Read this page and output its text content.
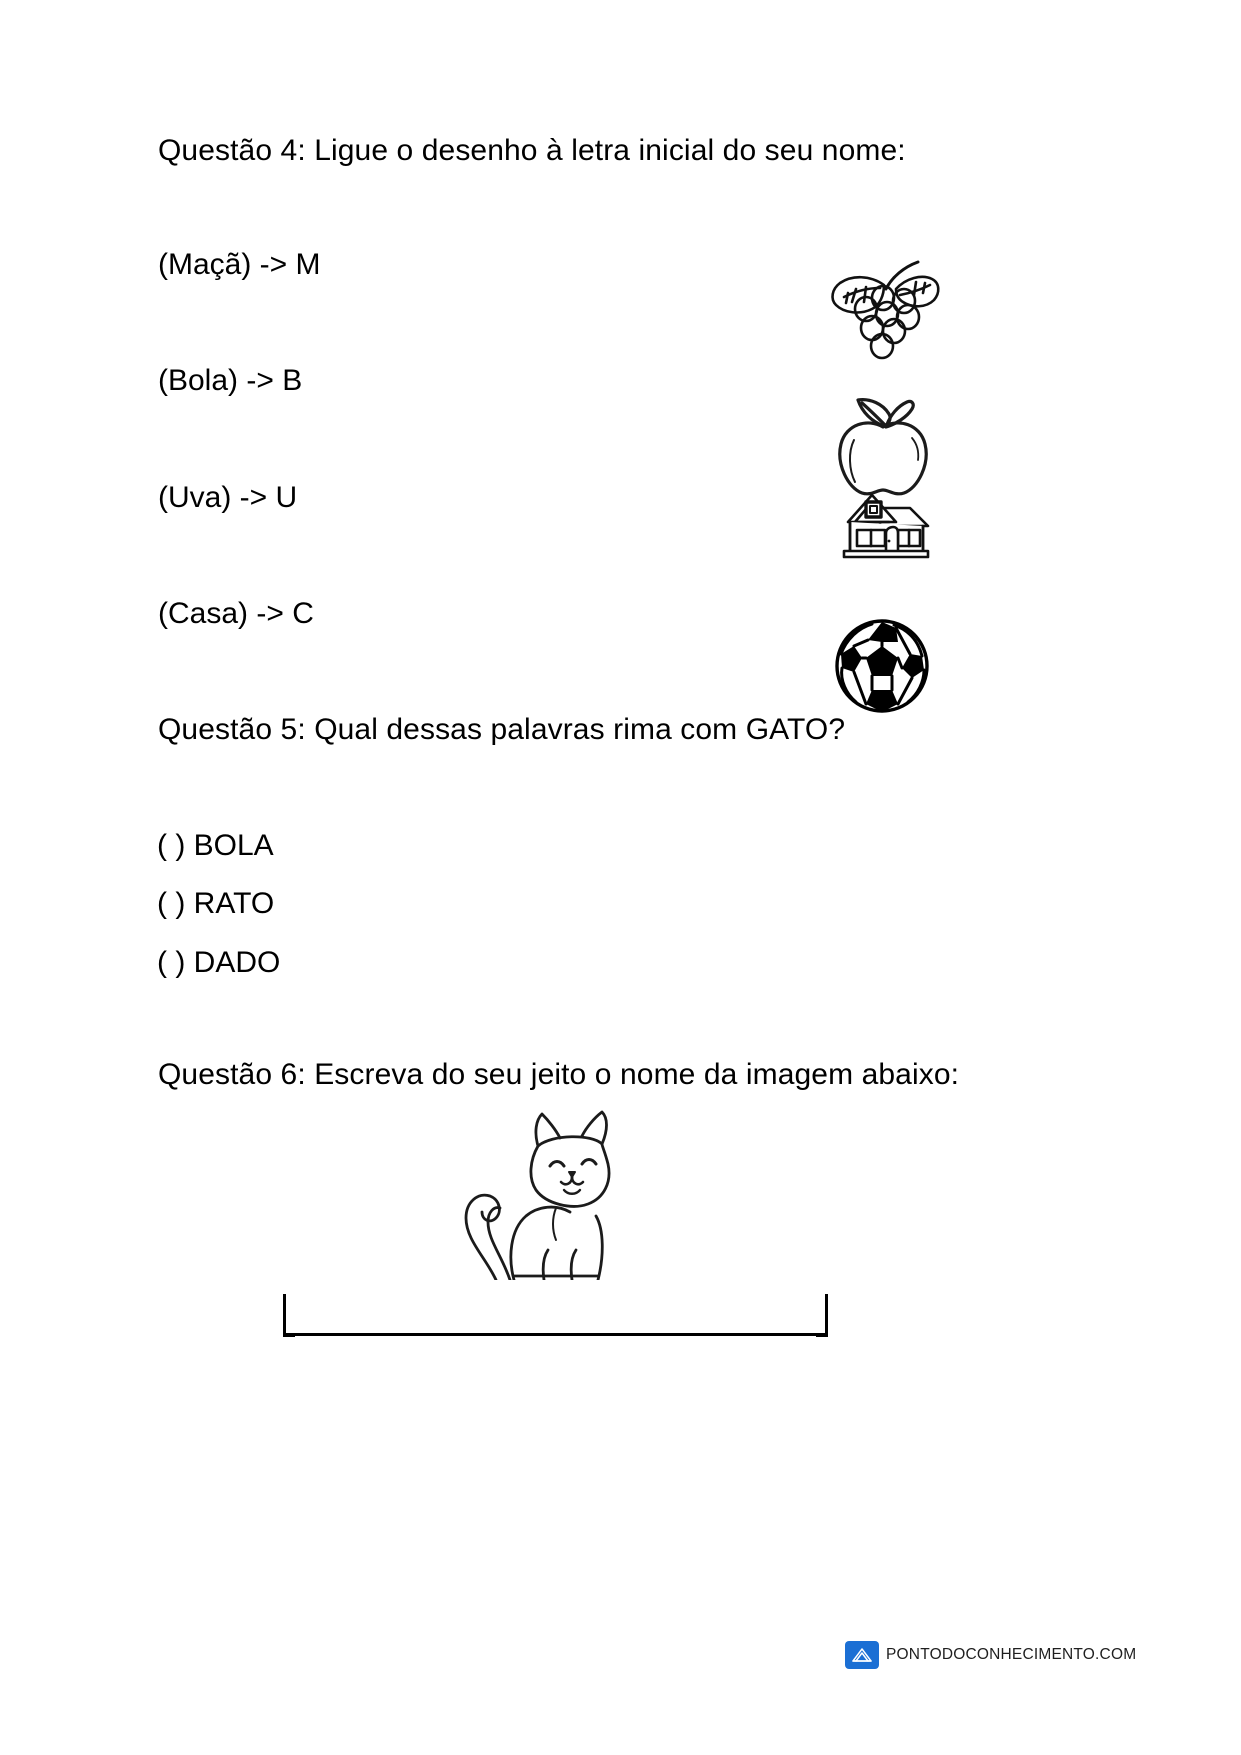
Questão 4: Ligue o desenho à letra inicial do seu nome:
(Maçã) -> M
(Bola) -> B
(Uva) -> U
(Casa) -> C
Questão 5: Qual dessas palavras rima com GATO?
( ) BOLA
( ) RATO
( ) DADO
Questão 6: Escreva do seu jeito o nome da imagem abaixo:
PONTODOCONHECIMENTO.COM
